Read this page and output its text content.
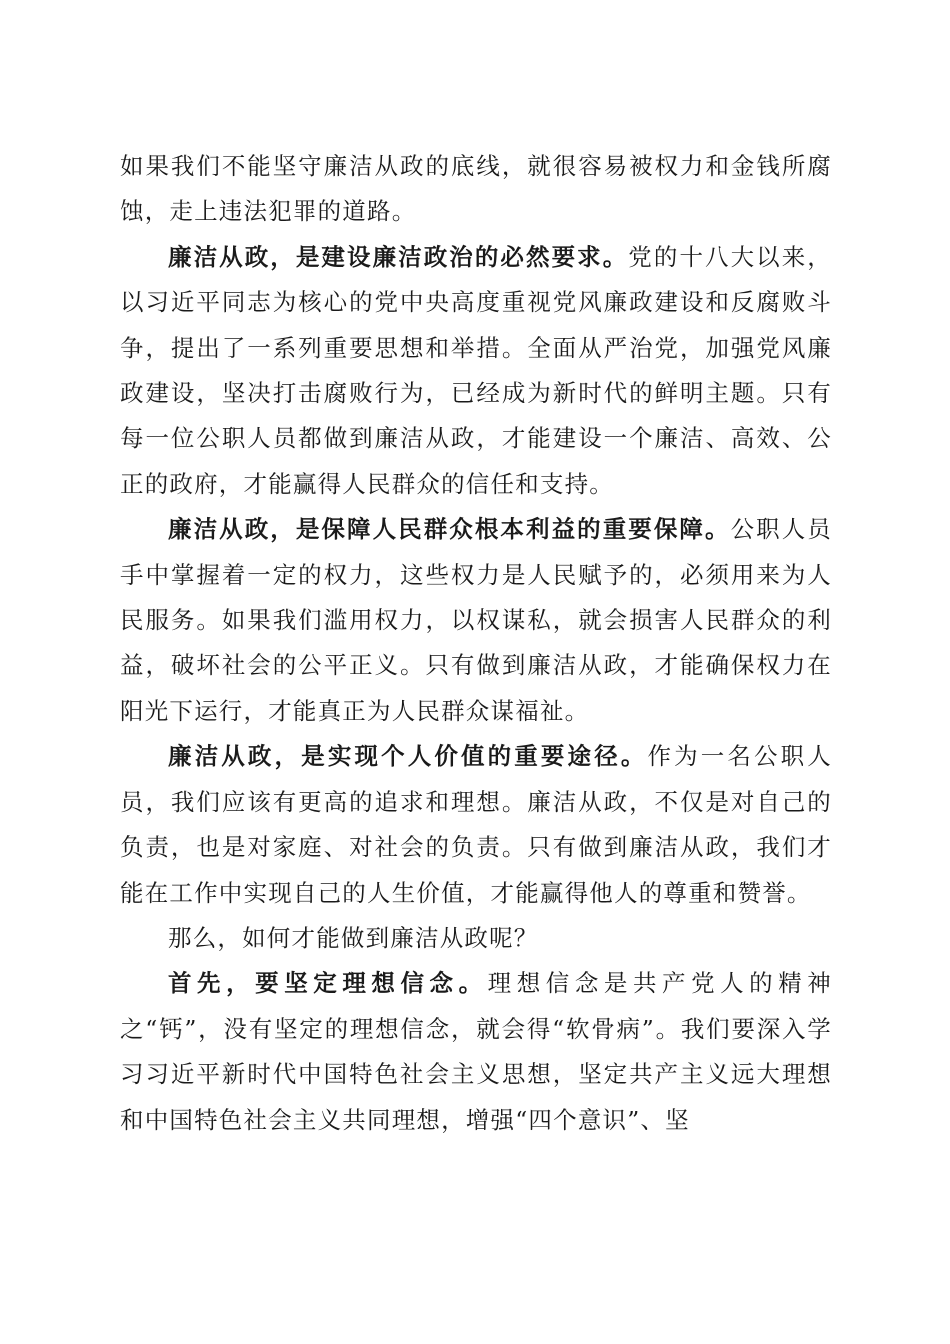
如果我们不能坚守廉洁从政的底线，就很容易被权力和金钱所腐蚀，走上违法犯罪的道路。

廉洁从政，是建设廉洁政治的必然要求。党的十八大以来，以习近平同志为核心的党中央高度重视党风廉政建设和反腐败斗争，提出了一系列重要思想和举措。全面从严治党，加强党风廉政建设，坚决打击腐败行为，已经成为新时代的鲜明主题。只有每一位公职人员都做到廉洁从政，才能建设一个廉洁、高效、公正的政府，才能赢得人民群众的信任和支持。

廉洁从政，是保障人民群众根本利益的重要保障。公职人员手中掌握着一定的权力，这些权力是人民赋予的，必须用来为人民服务。如果我们滥用权力，以权谋私，就会损害人民群众的利益，破坏社会的公平正义。只有做到廉洁从政，才能确保权力在阳光下运行，才能真正为人民群众谋福祉。

廉洁从政，是实现个人价值的重要途径。作为一名公职人员，我们应该有更高的追求和理想。廉洁从政，不仅是对自己的负责，也是对家庭、对社会的负责。只有做到廉洁从政，我们才能在工作中实现自己的人生价值，才能赢得他人的尊重和赞誉。

那么，如何才能做到廉洁从政呢？

首先，要坚定理想信念。理想信念是共产党人的精神之“钙”，没有坚定的理想信念，就会得“软骨病”。我们要深入学习习近平新时代中国特色社会主义思想，坚定共产主义远大理想和中国特色社会主义共同理想，增强“四个意识”、坚
